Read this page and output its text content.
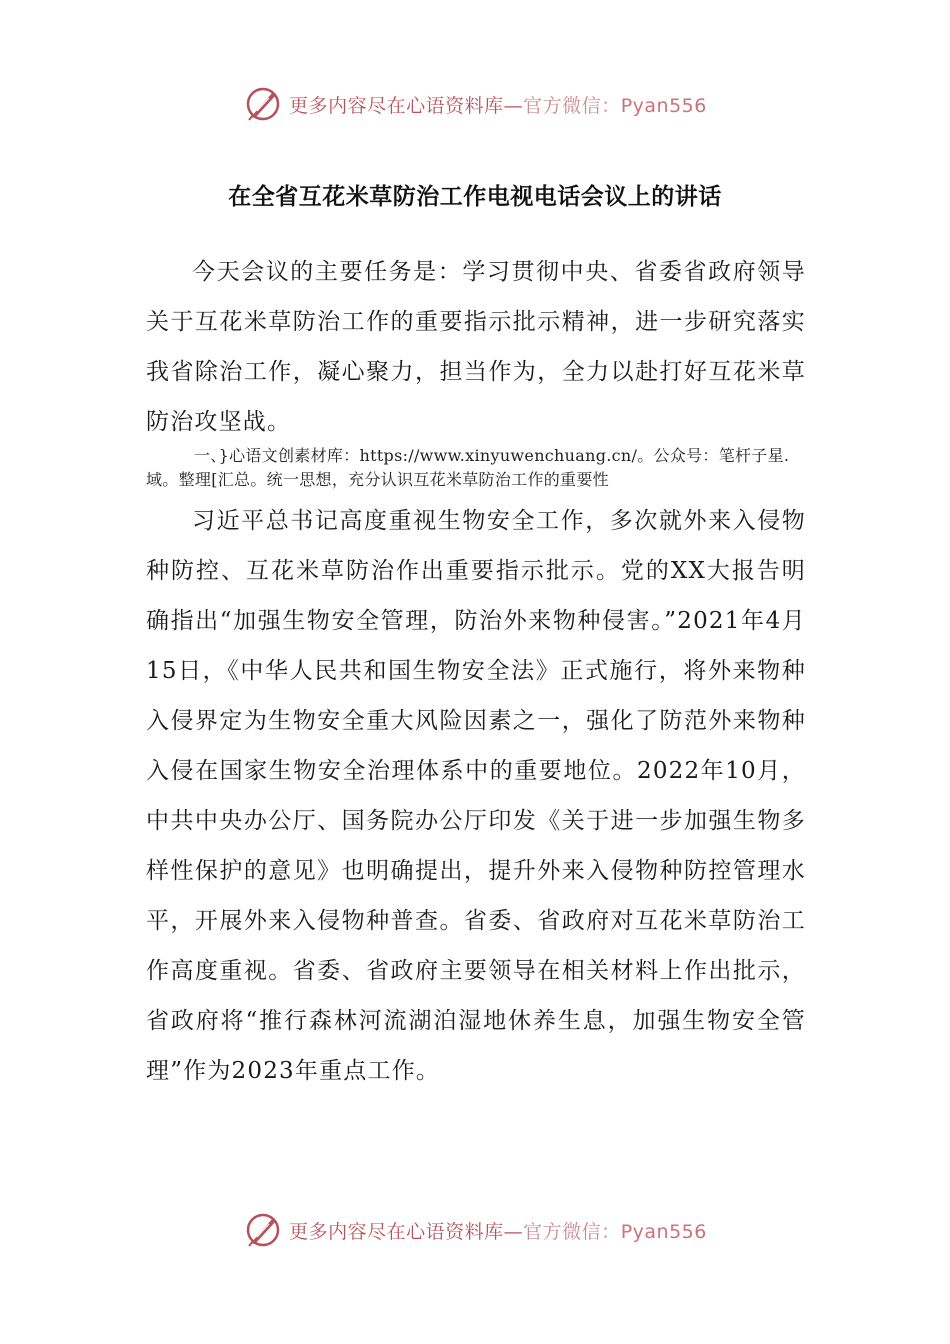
更多内容尽在心语资料库—官方微信：Pyan556
在全省互花米草防治工作电视电话会议上的讲话

今天会议的主要任务是：学习贯彻中央、省委省政府领导关于互花米草防治工作的重要指示批示精神，进一步研究落实我省除治工作，凝心聚力，担当作为，全力以赴打好互花米草防治攻坚战。

一、}心语文创素材库：https://www.xinyuwenchuang.cn/。公众号：笔杆子星.域。整理[汇总。统一思想，充分认识互花米草防治工作的重要性

习近平总书记高度重视生物安全工作，多次就外来入侵物种防控、互花米草防治作出重要指示批示。党的XX大报告明确指出“加强生物安全管理，防治外来物种侵害。”2021年4月15日，《中华人民共和国生物安全法》正式施行，将外来物种入侵界定为生物安全重大风险因素之一，强化了防范外来物种入侵在国家生物安全治理体系中的重要地位。2022年10月，中共中央办公厅、国务院办公厅印发《关于进一步加强生物多样性保护的意见》也明确提出，提升外来入侵物种防控管理水平，开展外来入侵物种普查。省委、省政府对互花米草防治工作高度重视。省委、省政府主要领导在相关材料上作出批示，省政府将“推行森林河流湖泊湿地休养生息，加强生物安全管理”作为2023年重点工作。

更多内容尽在心语资料库—官方微信：Pyan556
